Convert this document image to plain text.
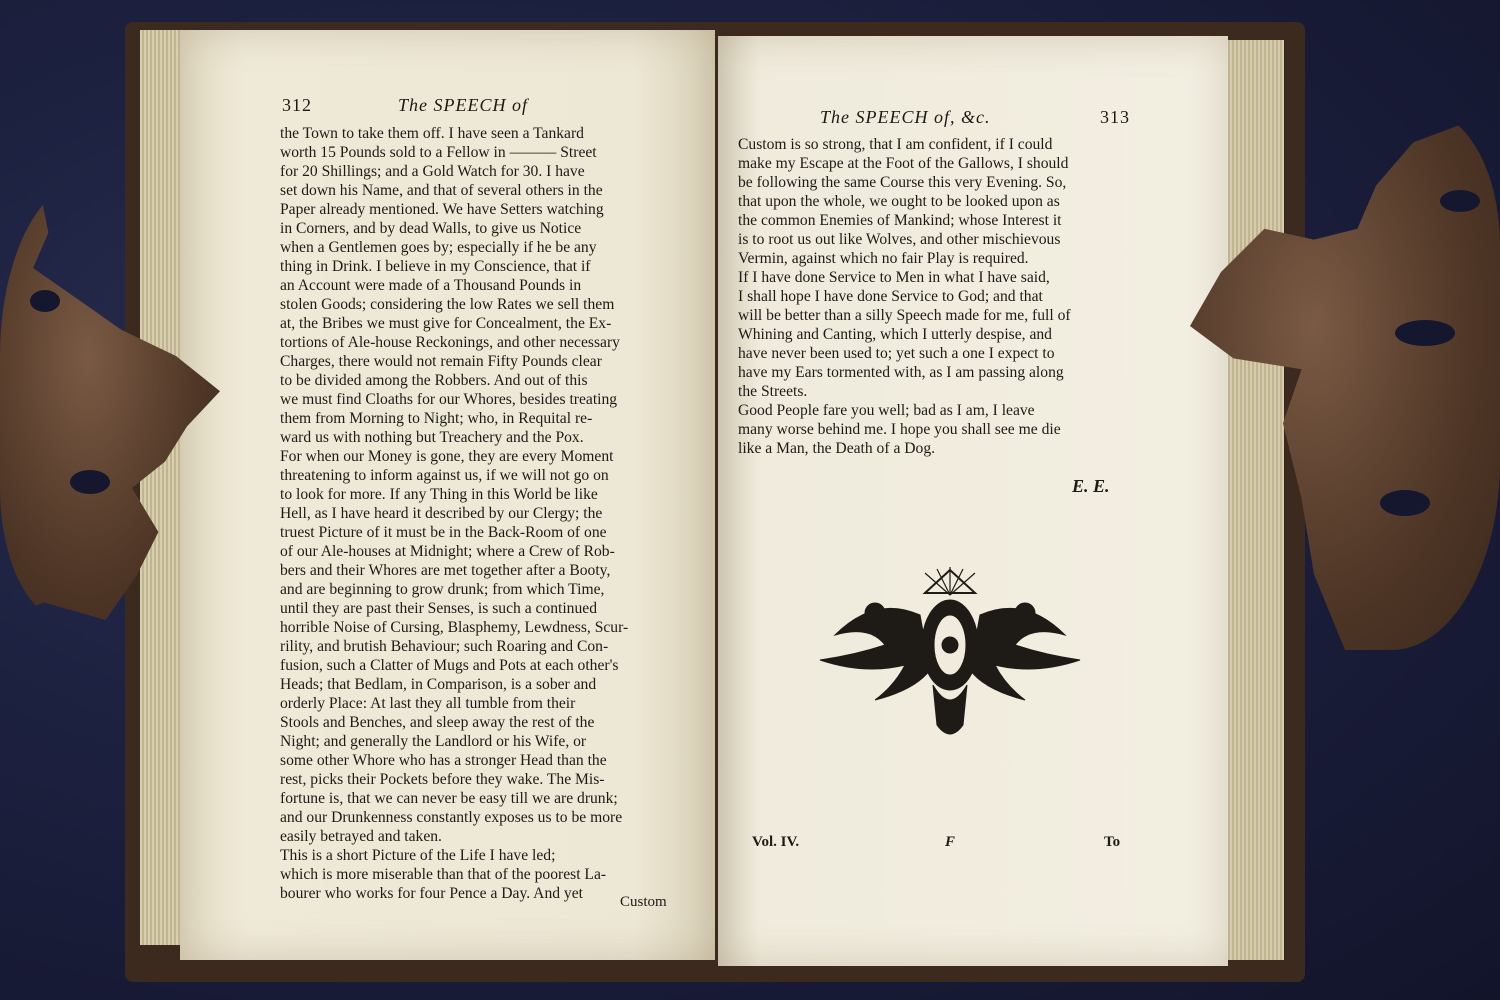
312	The SPEECH of
the Town to take them off. I have seen a Tankard
worth 15 Pounds sold to a Fellow in ——— Street
for 20 Shillings; and a Gold Watch for 30. I have
set down his Name, and that of several others in the
Paper already mentioned. We have Setters watching
in Corners, and by dead Walls, to give us Notice
when a Gentlemen goes by; especially if he be any
thing in Drink. I believe in my Conscience, that if
an Account were made of a Thousand Pounds in
stolen Goods; considering the low Rates we sell them
at, the Bribes we must give for Concealment, the Ex-
tortions of Ale-house Reckonings, and other necessary
Charges, there would not remain Fifty Pounds clear
to be divided among the Robbers. And out of this
we must find Cloaths for our Whores, besides treating
them from Morning to Night; who, in Requital re-
ward us with nothing but Treachery and the Pox.
For when our Money is gone, they are every Moment
threatening to inform against us, if we will not go on
to look for more. If any Thing in this World be like
Hell, as I have heard it described by our Clergy; the
truest Picture of it must be in the Back-Room of one
of our Ale-houses at Midnight; where a Crew of Rob-
bers and their Whores are met together after a Booty,
and are beginning to grow drunk; from which Time,
until they are past their Senses, is such a continued
horrible Noise of Cursing, Blasphemy, Lewdness, Scur-
rility, and brutish Behaviour; such Roaring and Con-
fusion, such a Clatter of Mugs and Pots at each other's
Heads; that Bedlam, in Comparison, is a sober and
orderly Place: At last they all tumble from their
Stools and Benches, and sleep away the rest of the
Night; and generally the Landlord or his Wife, or
some other Whore who has a stronger Head than the
rest, picks their Pockets before they wake. The Mis-
fortune is, that we can never be easy till we are drunk;
and our Drunkenness constantly exposes us to be more
easily betrayed and taken.
This is a short Picture of the Life I have led;
which is more miserable than that of the poorest La-
bourer who works for four Pence a Day. And yet	Custom
The SPEECH of, &c.	313
Custom is so strong, that I am confident, if I could
make my Escape at the Foot of the Gallows, I should
be following the same Course this very Evening. So,
that upon the whole, we ought to be looked upon as
the common Enemies of Mankind; whose Interest it
is to root us out like Wolves, and other mischievous
Vermin, against which no fair Play is required.
If I have done Service to Men in what I have said,
I shall hope I have done Service to God; and that
will be better than a silly Speech made for me, full of
Whining and Canting, which I utterly despise, and
have never been used to; yet such a one I expect to
have my Ears tormented with, as I am passing along
the Streets.
Good People fare you well; bad as I am, I leave
many worse behind me. I hope you shall see me die
like a Man, the Death of a Dog.
E. E.
Vol. IV.	F	To
